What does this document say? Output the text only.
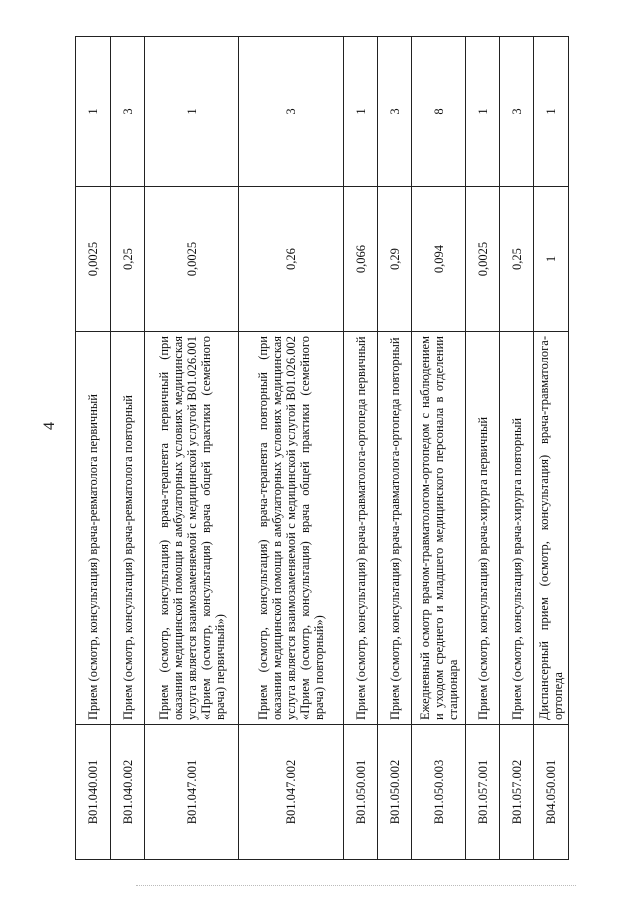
4
B01.040.001	Прием (осмотр, консультация) врача-ревматолога первичный	0,0025	1
B01.040.002	Прием (осмотр, консультация) врача-ревматолога повторный	0,25	3
B01.047.001	Прием (осмотр, консультация) врача-терапевта первичный (при оказании медицинской помощи в амбулаторных условиях медицинская услуга является взаимозаменяемой с медицинской услугой B01.026.001 «Прием (осмотр, консультация) врача общей практики (семейного врача) первичный»)	0,0025	1
B01.047.002	Прием (осмотр, консультация) врача-терапевта повторный (при оказании медицинской помощи в амбулаторных условиях медицинская услуга является взаимозаменяемой с медицинской услугой B01.026.002 «Прием (осмотр, консультация) врача общей практики (семейного врача) повторный»)	0,26	3
B01.050.001	Прием (осмотр, консультация) врача-травматолога-ортопеда первичный	0,066	1
B01.050.002	Прием (осмотр, консультация) врача-травматолога-ортопеда повторный	0,29	3
B01.050.003	Ежедневный осмотр врачом-травматологом-ортопедом с наблюдением и уходом среднего и младшего медицинского персонала в отделении стационара	0,094	8
B01.057.001	Прием (осмотр, консультация) врача-хирурга первичный	0,0025	1
B01.057.002	Прием (осмотр, консультация) врача-хирурга повторный	0,25	3
B04.050.001	Диспансерный прием (осмотр, консультация) врача-травматолога-ортопеда	1	1
